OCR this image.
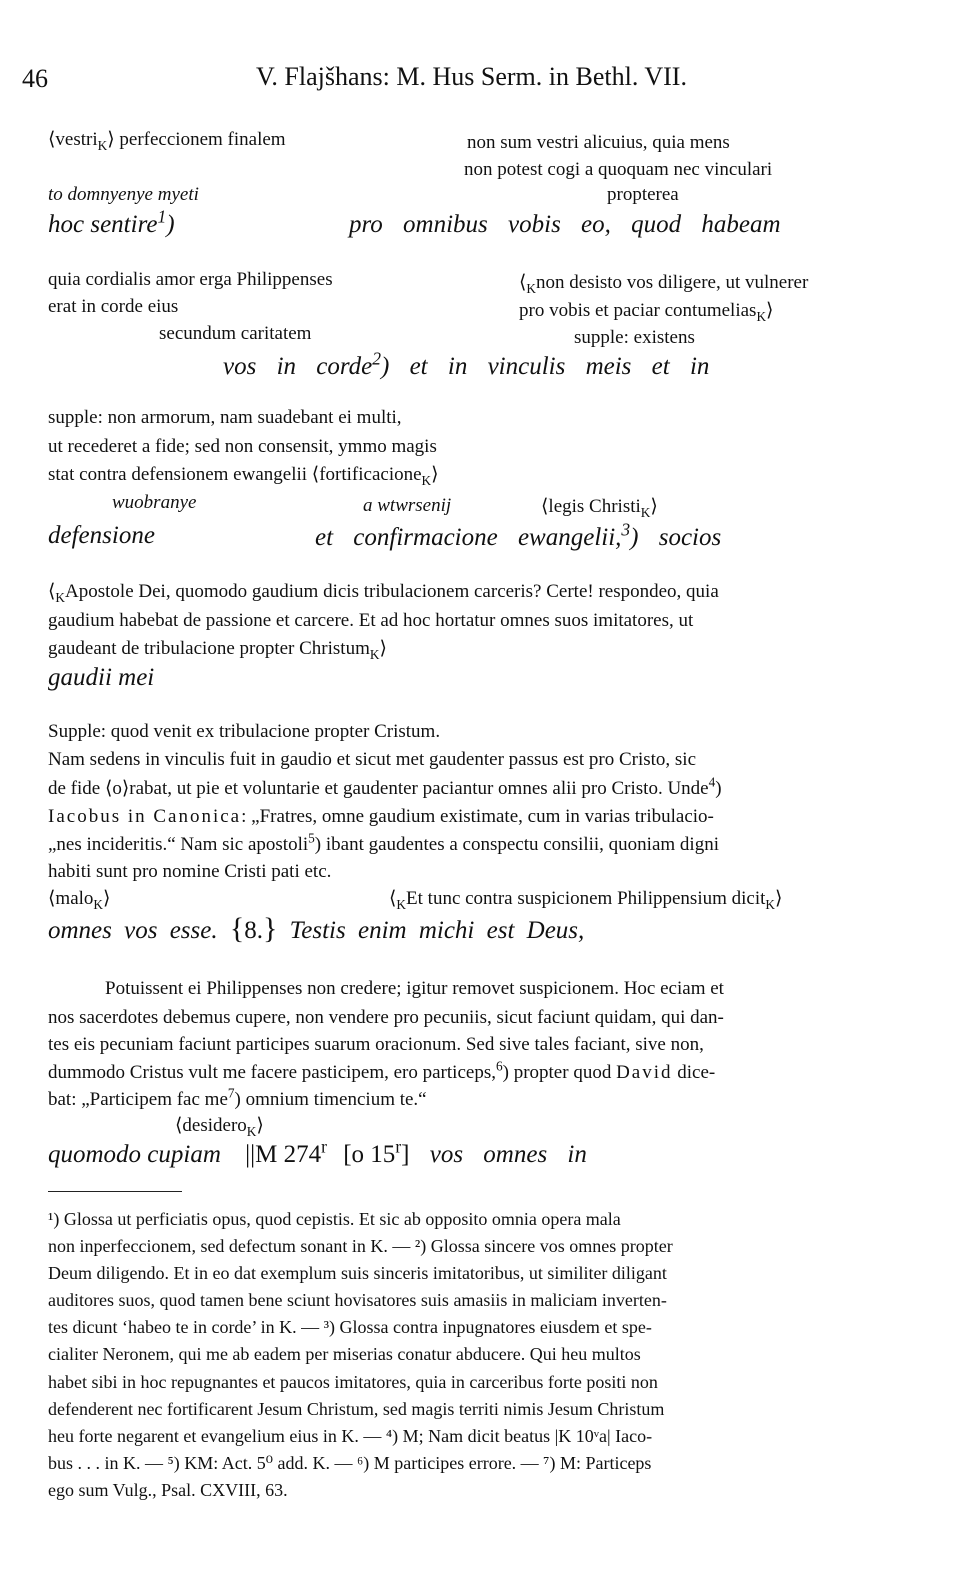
46	V. Flajšhans: M. Hus Serm. in Bethl. VII.
⟨vestri$_K$⟩ perfeccionem finalem	non sum vestri alicuius, quia mens
non potest cogi a quoquam nec vinculari
to domnyenye myeti	propterea
hoc sentire$^1$)	pro omnibus vobis eo, quod habeam
quia cordialis amor erga Philippenses	$⟨_Knon$ desisto vos diligere, ut vulnerer
erat in corde eius	pro vobis et paciar contumelias$_K$⟩
secundum caritatem	supple: existens
vos in corde$^2$) et in vinculis meis et in
supple: non armorum, nam suadebant ei multi,
ut recederet a fide; sed non consensit, ymmo magis
stat contra defensionem ewangelii ⟨fortificacione$_K$⟩
wuobranye	a wtwrsenij	⟨legis Christi$_K$⟩
defensione	et confirmacione ewangelii,$^3$) socios
$⟨_KApostole$ Dei, quomodo gaudium dicis tribulacionem carceris? Certe! respondeo, quia
gaudium habebat de passione et carcere. Et ad hoc hortatur omnes suos imitatores, ut
gaudeant de tribulacione propter Christum$_K$⟩
gaudii mei
Supple: quod venit ex tribulacione propter Cristum.
Nam sedens in vinculis fuit in gaudio et sicut met gaudenter passus est pro Cristo, sic
de fide ⟨o⟩rabat, ut pie et voluntarie et gaudenter paciantur omnes alii pro Cristo. Unde$^4$)
Iacobus in Canonica: „Fratres, omne gaudium existimate, cum in varias tribulacio-
„nes incideritis.“ Nam sic apostoli$^5$) ibant gaudentes a conspectu consilii, quoniam digni
habiti sunt pro nomine Cristi pati etc.
⟨malo$_K$⟩	$⟨_KEt$ tunc contra suspicionem Philippensium dicit$_K$⟩
omnes vos esse. {8.} Testis enim michi est Deus,
Potuissent ei Philippenses non credere; igitur removet suspicionem. Hoc eciam et
nos sacerdotes debemus cupere, non vendere pro pecuniis, sicut faciunt quidam, qui dan-
tes eis pecuniam faciunt participes suarum oracionum. Sed sive tales faciant, sive non,
dummodo Cristus vult me facere pasticipem, ero particeps,$^6$) propter quod David dice-
bat: „Participem fac $me^7$) omnium timencium te.“
⟨desidero$_K$⟩
quomodo cupiam ||M 274$^r$ [o 15$^r$] vos omnes in
¹) Glossa ut perficiatis opus, quod cepistis. Et sic ab opposito omnia opera mala
non inperfeccionem, sed defectum sonant in K. — ²) Glossa sincere vos omnes propter
Deum diligendo. Et in eo dat exemplum suis sinceris imitatoribus, ut similiter diligant
auditores suos, quod tamen bene sciunt hovisatores suis amasiis in maliciam inverten-
tes dicunt ‘habeo te in corde’ in K. — ³) Glossa contra inpugnatores eiusdem et spe-
cialiter Neronem, qui me ab eadem per miserias conatur abducere. Qui heu multos
habet sibi in hoc repugnantes et paucos imitatores, quia in carceribus forte positi non
defenderent nec fortificarent Jesum Christum, sed magis territi nimis Jesum Christum
heu forte negarent et evangelium eius in K. — ⁴) M; Nam dicit beatus |K 10ᵛa| Iaco-
bus . . . in K. — ⁵) KM: Act. 5⁰ add. K. — ⁶) M participes errore. — ⁷) M: Particeps
ego sum Vulg., Psal. CXVIII, 63.
